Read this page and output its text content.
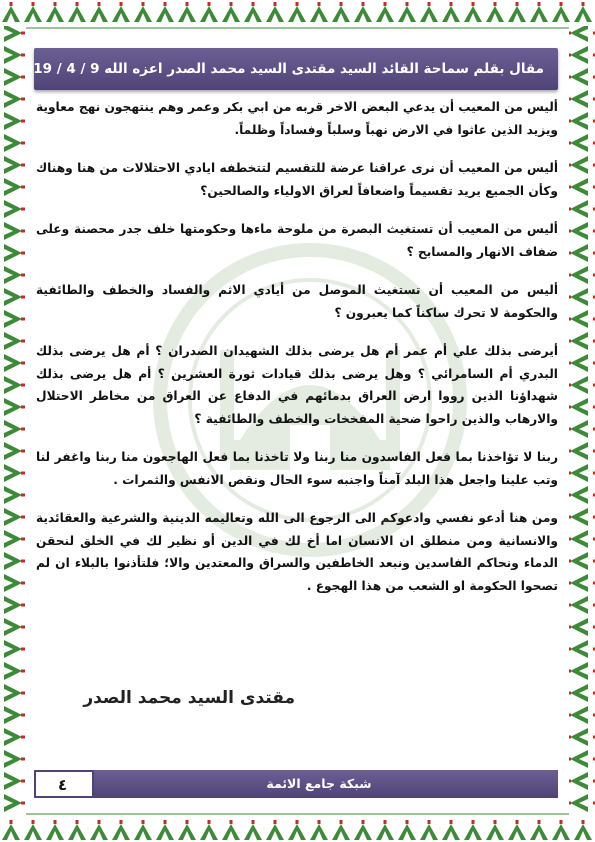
مقال بقلم سماحة القائد السيد مقتدى السيد محمد الصدر اعزه الله 9 / 4 / 2019

أليس من المعيب أن يدعي البعض الاخر قربه من ابي بكر وعمر وهم ينتهجون نهج معاوية ويزيد الذين عاثوا في الارض نهباً وسلباً وفساداً وظلماً.

أليس من المعيب أن نرى عراقنا عرضة للتقسيم لتتخطفه ايادي الاحتلالات من هنا وهناك وكأن الجميع يريد تقسيماً واضعافاً لعراق الاولياء والصالحين؟

أليس من المعيب أن تستغيث البصرة من ملوحة ماءها وحكومتها خلف جدر محصنة وعلى ضفاف الانهار والمسابح ؟

أليس من المعيب أن تستغيث الموصل من أيادي الاثم والفساد والخطف والطائفية والحكومة لا تحرك ساكناً كما يعبرون ؟

أيرضى بذلك علي أم عمر أم هل يرضى بذلك الشهيدان الصدران ؟ أم هل يرضى بذلك البدري أم السامرائي ؟ وهل يرضى بذلك قيادات ثورة العشرين ؟ أم هل يرضى بذلك شهداؤنا الذين رووا ارض العراق بدمائهم في الدفاع عن العراق من مخاطر الاحتلال والارهاب والذين راحوا ضحية المفخخات والخطف والطائفية ؟

ربنا لا تؤاخذنا بما فعل الفاسدون منا ربنا ولا تاخذنا بما فعل الهاجعون منا ربنا واغفر لنا وتب علينا واجعل هذا البلد آمناً واجنبه سوء الحال ونقص الانفس والثمرات .

ومن هنا أدعو نفسي وادعوكم الى الرجوع الى الله وتعاليمه الدينية والشرعية والعقائدية والانسانية ومن منطلق ان الانسان اما أخ لك في الدين أو نظير لك في الخلق لنحقن الدماء ونحاكم الفاسدين ونبعد الخاطفين والسراق والمعتدين والا؛ فلتأذنوا بالبلاء ان لم تصحوا الحكومة او الشعب من هذا الهجوع .

مقتدى السيد محمد الصدر
٤	شبكة جامع الائمة
